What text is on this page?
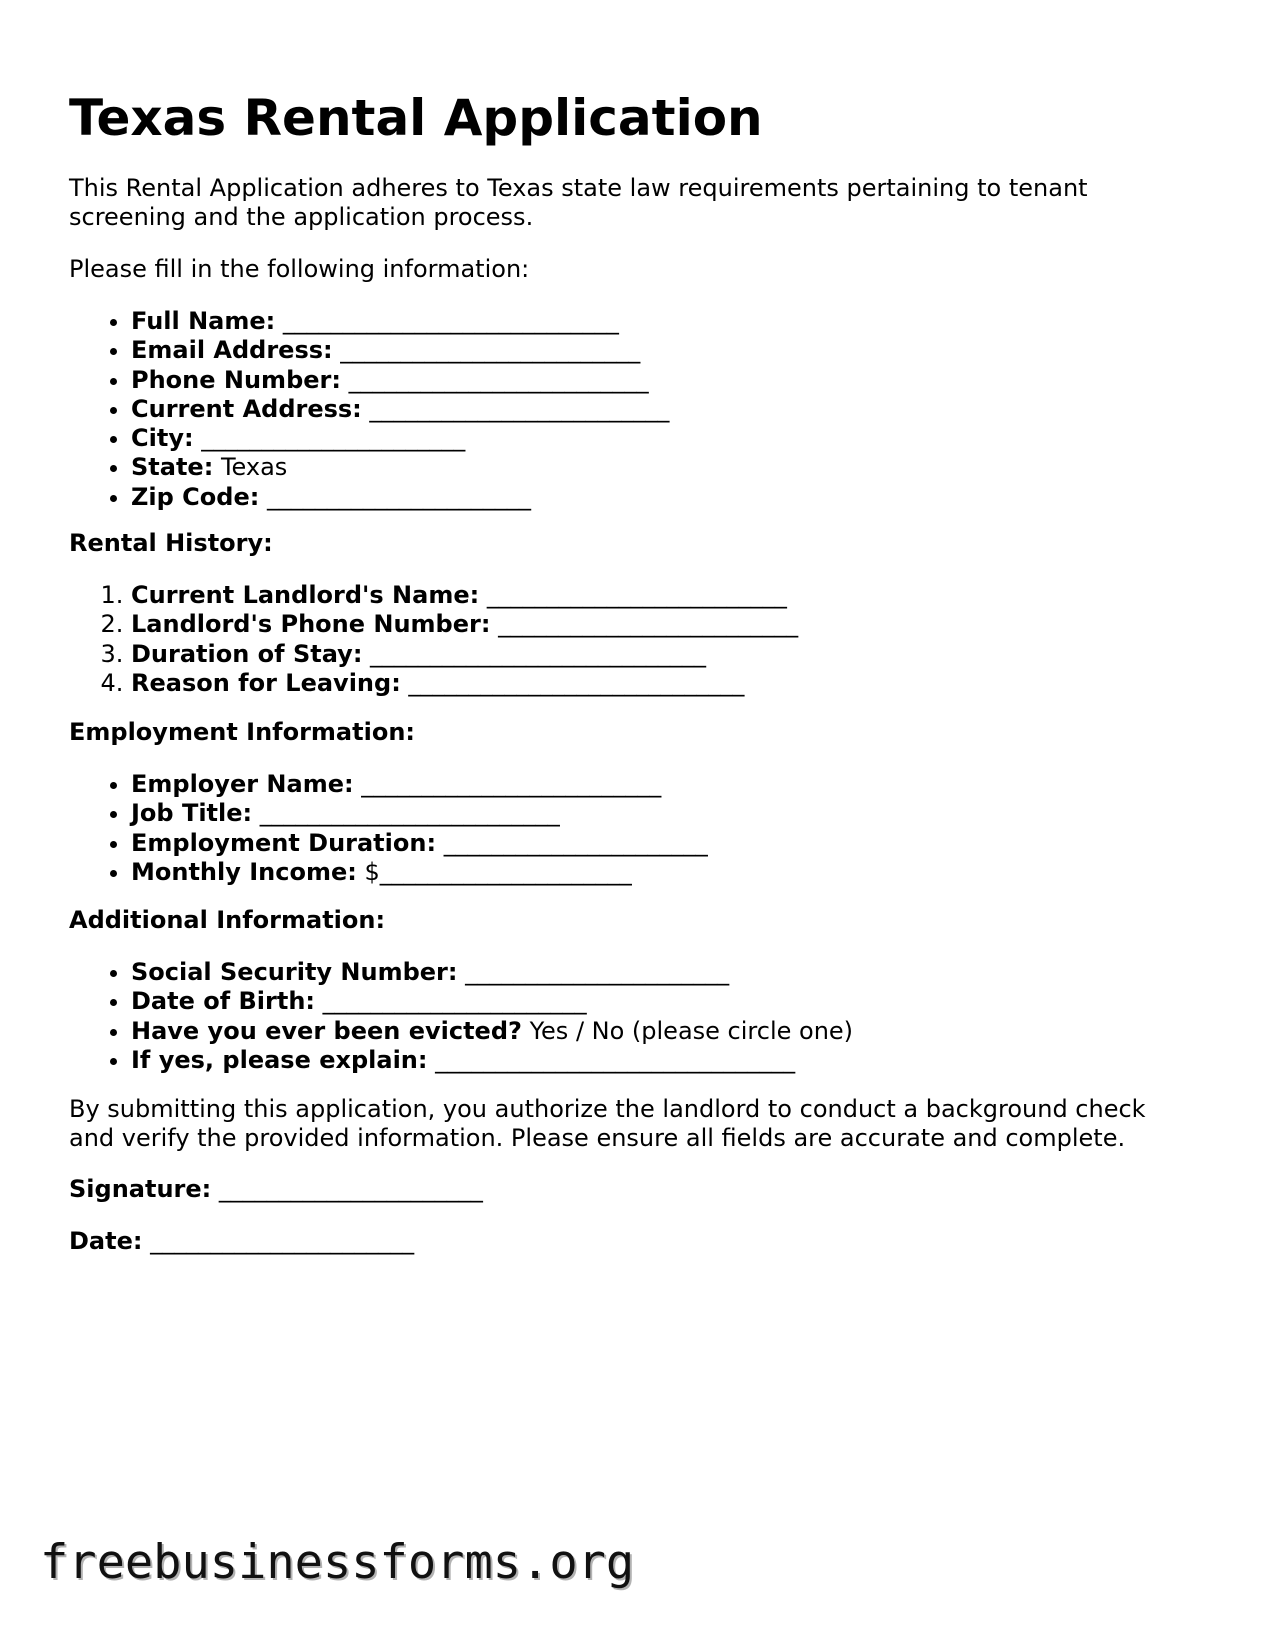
Texas Rental Application

This Rental Application adheres to Texas state law requirements pertaining to tenant screening and the application process.

Please fill in the following information:

• Full Name: ____________________________
• Email Address: _________________________
• Phone Number: _________________________
• Current Address: _________________________
• City: ______________________
• State: Texas
• Zip Code: ______________________

Rental History:

1. Current Landlord's Name: _________________________
2. Landlord's Phone Number: _________________________
3. Duration of Stay: ____________________________
4. Reason for Leaving: ____________________________

Employment Information:

• Employer Name: _________________________
• Job Title: _________________________
• Employment Duration: ______________________
• Monthly Income: $_____________________

Additional Information:

• Social Security Number: ______________________
• Date of Birth: ______________________
• Have you ever been evicted? Yes / No (please circle one)
• If yes, please explain: ______________________________

By submitting this application, you authorize the landlord to conduct a background check and verify the provided information. Please ensure all fields are accurate and complete.

Signature: ______________________

Date: ______________________

freebusinessforms.org
